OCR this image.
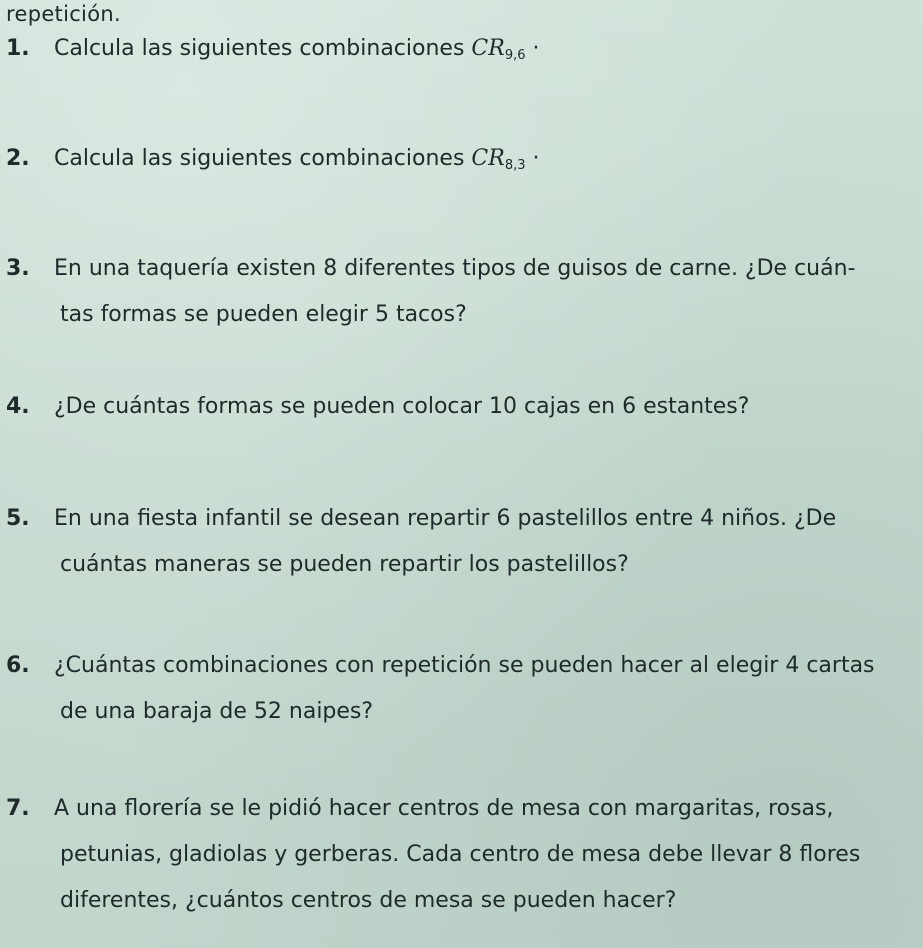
repetición.
1. Calcula las siguientes combinaciones $CR_{9,6}$ ·
2. Calcula las siguientes combinaciones $CR_{8,3}$ ·
3. En una taquería existen 8 diferentes tipos de guisos de carne. ¿De cuán-
tas formas se pueden elegir 5 tacos?
4. ¿De cuántas formas se pueden colocar 10 cajas en 6 estantes?
5. En una fiesta infantil se desean repartir 6 pastelillos entre 4 niños. ¿De
cuántas maneras se pueden repartir los pastelillos?
6. ¿Cuántas combinaciones con repetición se pueden hacer al elegir 4 cartas
de una baraja de 52 naipes?
7. A una florería se le pidió hacer centros de mesa con margaritas, rosas,
petunias, gladiolas y gerberas. Cada centro de mesa debe llevar 8 flores
diferentes, ¿cuántos centros de mesa se pueden hacer?
